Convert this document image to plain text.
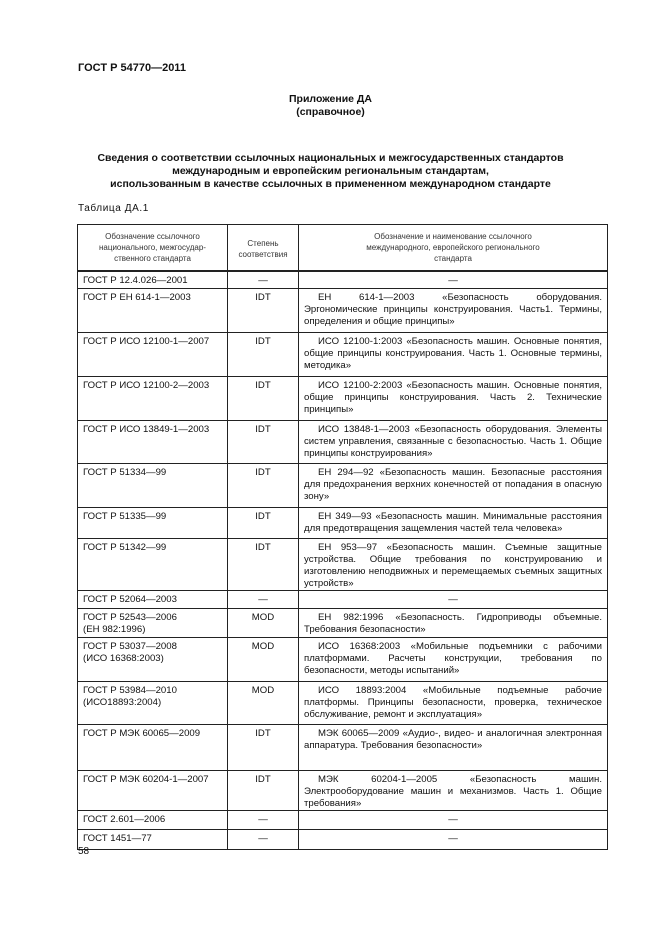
ГОСТ Р 54770—2011
Приложение ДА
(справочное)
Сведения о соответствии ссылочных национальных и межгосударственных стандартов
международным и европейским региональным стандартам,
использованным в качестве ссылочных в примененном международном стандарте
Таблица ДА.1
Обозначение ссылочного национального, межгосудар-ственного стандарта	Степень соответствия	Обозначение и наименование ссылочного международного, европейского регионального стандарта
ГОСТ Р 12.4.026—2001	—	—
ГОСТ Р ЕН 614-1—2003	IDT	ЕН 614-1—2003 «Безопасность оборудования. Эргономические принципы конструирования. Часть1. Термины, определения и общие принципы»
ГОСТ Р ИСО 12100-1—2007	IDT	ИСО 12100-1:2003 «Безопасность машин. Основные понятия, общие принципы конструирования. Часть 1. Основные термины, методика»
ГОСТ Р ИСО 12100-2—2003	IDT	ИСО 12100-2:2003 «Безопасность машин. Основные понятия, общие принципы конструирования. Часть 2. Технические принципы»
ГОСТ Р ИСО 13849-1—2003	IDT	ИСО 13848-1—2003 «Безопасность оборудования. Элементы систем управления, связанные с безопасностью. Часть 1. Общие принципы конструирования»
ГОСТ Р 51334—99	IDT	ЕН 294—92 «Безопасность машин. Безопасные расстояния для предохранения верхних конечностей от попадания в опасную зону»
ГОСТ Р 51335—99	IDT	ЕН 349—93 «Безопасность машин. Минимальные расстояния для предотвращения защемления частей тела человека»
ГОСТ Р 51342—99	IDT	ЕН 953—97 «Безопасность машин. Съемные защитные устройства. Общие требования по конструированию и изготовлению неподвижных и перемещаемых съемных защитных устройств»
ГОСТ Р 52064—2003	—	—
ГОСТ Р 52543—2006
(ЕН 982:1996)	MOD	ЕН 982:1996 «Безопасность. Гидроприводы объемные. Требования безопасности»
ГОСТ Р 53037—2008
(ИСО 16368:2003)	MOD	ИСО 16368:2003 «Мобильные подъемники с рабочими платформами. Расчеты конструкции, требования по безопасности, методы испытаний»
ГОСТ Р 53984—2010
(ИСО18893:2004)	MOD	ИСО 18893:2004 «Мобильные подъемные рабочие платформы. Принципы безопасности, проверка, техническое обслуживание, ремонт и эксплуатация»
ГОСТ Р МЭК 60065—2009	IDT	МЭК 60065—2009 «Аудио-, видео- и аналогичная электронная аппаратура. Требования безопасности»
ГОСТ Р МЭК 60204-1—2007	IDT	МЭК 60204-1—2005 «Безопасность машин. Электрооборудование машин и механизмов. Часть 1. Общие требования»
ГОСТ 2.601—2006	—	—
ГОСТ 1451—77	—	—
58
